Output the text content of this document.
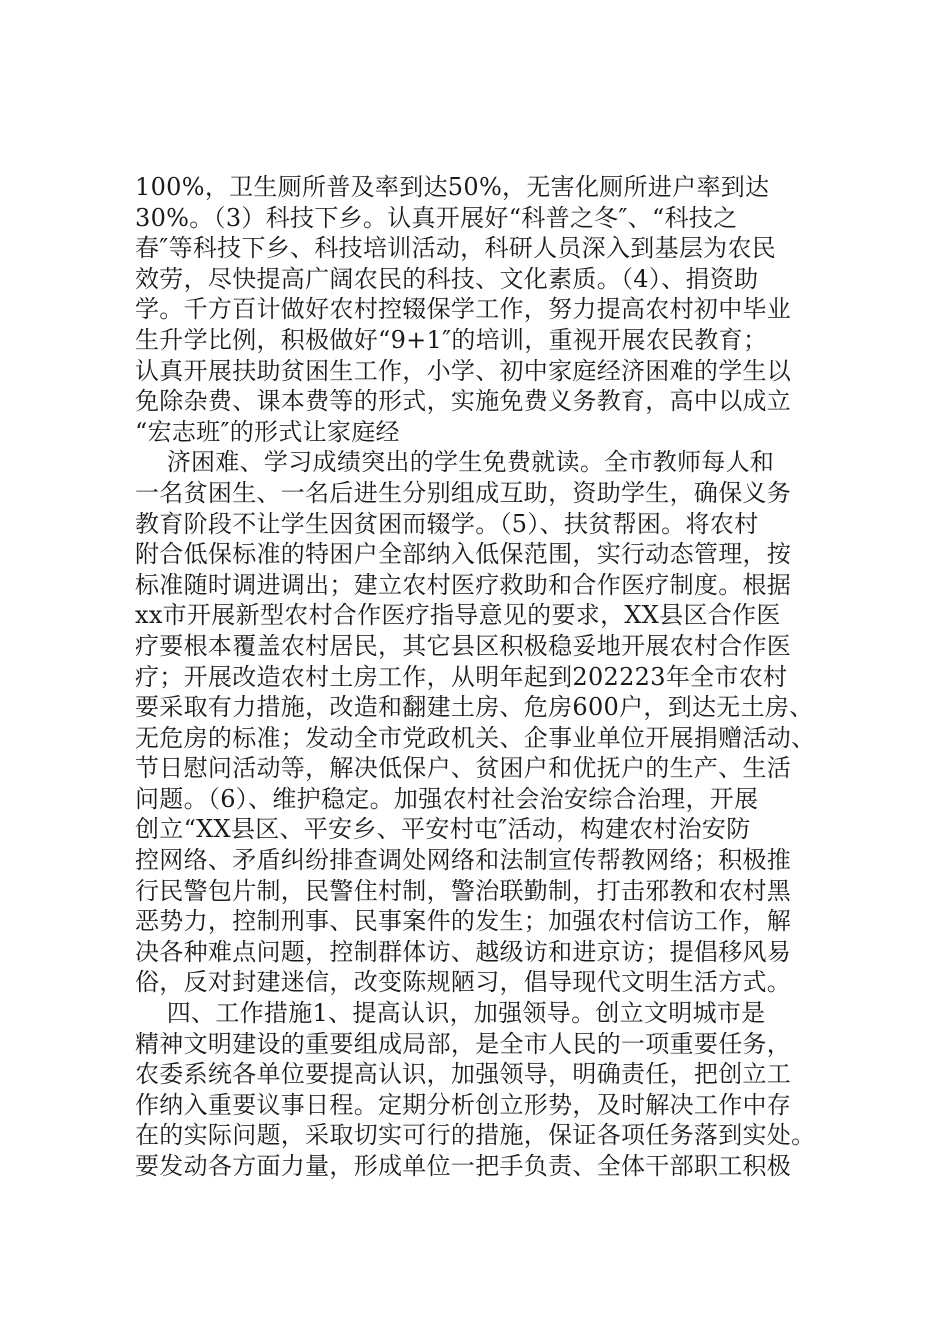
100%，卫生厕所普及率到达50%，无害化厕所进户率到达
30%。（3）科技下乡。认真开展好“科普之冬″、“科技之
春″等科技下乡、科技培训活动，科研人员深入到基层为农民
效劳，尽快提高广阔农民的科技、文化素质。（4）、捐资助
学。千方百计做好农村控辍保学工作，努力提高农村初中毕业
生升学比例，积极做好“9+1″的培训，重视开展农民教育；
认真开展扶助贫困生工作，小学、初中家庭经济困难的学生以
免除杂费、课本费等的形式，实施免费义务教育，高中以成立
“宏志班″的形式让家庭经
济困难、学习成绩突出的学生免费就读。全市教师每人和
一名贫困生、一名后进生分别组成互助，资助学生，确保义务
教育阶段不让学生因贫困而辍学。（5）、扶贫帮困。将农村
附合低保标准的特困户全部纳入低保范围，实行动态管理，按
标准随时调进调出；建立农村医疗救助和合作医疗制度。根据
xx市开展新型农村合作医疗指导意见的要求，XX县区合作医
疗要根本覆盖农村居民，其它县区积极稳妥地开展农村合作医
疗；开展改造农村土房工作，从明年起到202223年全市农村
要采取有力措施，改造和翻建土房、危房600户，到达无土房、
无危房的标准；发动全市党政机关、企事业单位开展捐赠活动、
节日慰问活动等，解决低保户、贫困户和优抚户的生产、生活
问题。（6）、维护稳定。加强农村社会治安综合治理，开展
创立“XX县区、平安乡、平安村屯″活动，构建农村治安防
控网络、矛盾纠纷排查调处网络和法制宣传帮教网络；积极推
行民警包片制，民警住村制，警治联勤制，打击邪教和农村黑
恶势力，控制刑事、民事案件的发生；加强农村信访工作，解
决各种难点问题，控制群体访、越级访和进京访；提倡移风易
俗，反对封建迷信，改变陈规陋习，倡导现代文明生活方式。
四、工作措施1、提高认识，加强领导。创立文明城市是
精神文明建设的重要组成局部，是全市人民的一项重要任务，
农委系统各单位要提高认识，加强领导，明确责任，把创立工
作纳入重要议事日程。定期分析创立形势，及时解决工作中存
在的实际问题，采取切实可行的措施，保证各项任务落到实处。
要发动各方面力量，形成单位一把手负责、全体干部职工积极
